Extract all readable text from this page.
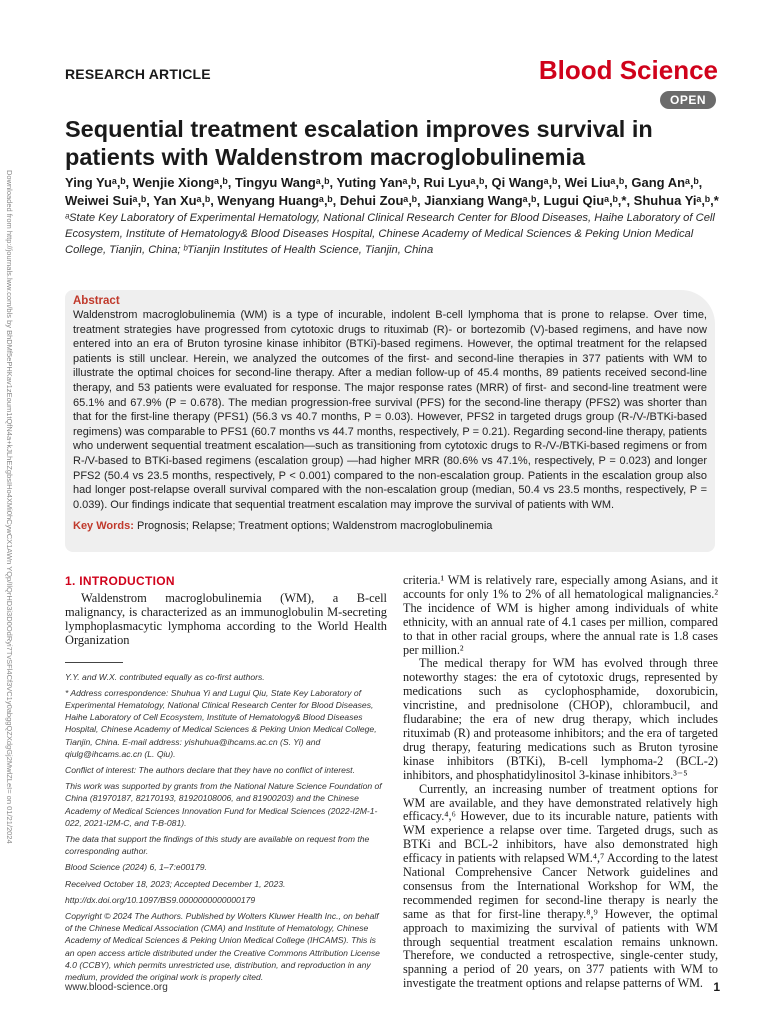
RESEARCH ARTICLE	Blood Science
OPEN
Downloaded from http://journals.lww.com/bls by BhDMf5ePHKav1zEoum1tQfN4a+kJLhEZgbsIHo4XMi0hCywCX1AWn YQp/IlQrHD3i3D0OdRyi7TvSFl4Cf3VC1y0abggQZXdgGj2MwlZLeI= on 01/21/2024
Sequential treatment escalation improves survival in patients with Waldenstrom macroglobulinemia
Ying Yuᵃ,ᵇ, Wenjie Xiongᵃ,ᵇ, Tingyu Wangᵃ,ᵇ, Yuting Yanᵃ,ᵇ, Rui Lyuᵃ,ᵇ, Qi Wangᵃ,ᵇ, Wei Liuᵃ,ᵇ, Gang Anᵃ,ᵇ, Weiwei Suiᵃ,ᵇ, Yan Xuᵃ,ᵇ, Wenyang Huangᵃ,ᵇ, Dehui Zouᵃ,ᵇ, Jianxiang Wangᵃ,ᵇ, Lugui Qiuᵃ,ᵇ,*, Shuhua Yiᵃ,ᵇ,*
ᵃState Key Laboratory of Experimental Hematology, National Clinical Research Center for Blood Diseases, Haihe Laboratory of Cell Ecosystem, Institute of Hematology& Blood Diseases Hospital, Chinese Academy of Medical Sciences & Peking Union Medical College, Tianjin, China; ᵇTianjin Institutes of Health Science, Tianjin, China

Abstract

Waldenstrom macroglobulinemia (WM) is a type of incurable, indolent B-cell lymphoma that is prone to relapse. Over time, treatment strategies have progressed from cytotoxic drugs to rituximab (R)- or bortezomib (V)-based regimens, and have now entered into an era of Bruton tyrosine kinase inhibitor (BTKi)-based regimens. However, the optimal treatment for the relapsed patients is still unclear. Herein, we analyzed the outcomes of the first- and second-line therapies in 377 patients with WM to illustrate the optimal choices for second-line therapy. After a median follow-up of 45.4 months, 89 patients received second-line therapy, and 53 patients were evaluated for response. The major response rates (MRR) of first- and second-line treatment were 65.1% and 67.9% (P = 0.678). The median progression-free survival (PFS) for the second-line therapy (PFS2) was shorter than that for the first-line therapy (PFS1) (56.3 vs 40.7 months, P = 0.03). However, PFS2 in targeted drugs group (R-/V-/BTKi-based regimens) was comparable to PFS1 (60.7 months vs 44.7 months, respectively, P = 0.21). Regarding second-line therapy, patients who underwent sequential treatment escalation—such as transitioning from cytotoxic drugs to R-/V-/BTKi-based regimens or from R-/V-based to BTKi-based regimens (escalation group) —had higher MRR (80.6% vs 47.1%, respectively, P = 0.023) and longer PFS2 (50.4 vs 23.5 months, respectively, P < 0.001) compared to the non-escalation group. Patients in the escalation group also had longer post-relapse overall survival compared with the non-escalation group (median, 50.4 vs 23.5 months, respectively, P = 0.039). Our findings indicate that sequential treatment escalation may improve the survival of patients with WM.

Key Words: Prognosis; Relapse; Treatment options; Waldenstrom macroglobulinemia

1. INTRODUCTION

Waldenstrom macroglobulinemia (WM), a B-cell malignancy, is characterized as an immunoglobulin M-secreting lymphoplasmacytic lymphoma according to the World Health Organization

Y.Y. and W.X. contributed equally as co-first authors.

* Address correspondence: Shuhua Yi and Lugui Qiu, State Key Laboratory of Experimental Hematology, National Clinical Research Center for Blood Diseases, Haihe Laboratory of Cell Ecosystem, Institute of Hematology& Blood Diseases Hospital, Chinese Academy of Medical Sciences & Peking Union Medical College, Tianjin, China. E-mail address: yishuhua@ihcams.ac.cn (S. Yi) and qiulg@ihcams.ac.cn (L. Qiu).

Conflict of interest: The authors declare that they have no conflict of interest.

This work was supported by grants from the National Nature Science Foundation of China (81970187, 82170193, 81920108006, and 81900203) and the Chinese Academy of Medical Sciences Innovation Fund for Medical Sciences (2022-I2M-1-022, 2021-I2M-C, and T-B-081).

The data that support the findings of this study are available on request from the corresponding author.

Blood Science (2024) 6, 1–7:e00179.

Received October 18, 2023; Accepted December 1, 2023.

http://dx.doi.org/10.1097/BS9.0000000000000179

Copyright © 2024 The Authors. Published by Wolters Kluwer Health Inc., on behalf of the Chinese Medical Association (CMA) and Institute of Hematology, Chinese Academy of Medical Sciences & Peking Union Medical College (IHCAMS). This is an open access article distributed under the Creative Commons Attribution License 4.0 (CCBY), which permits unrestricted use, distribution, and reproduction in any medium, provided the original work is properly cited.

criteria.¹ WM is relatively rare, especially among Asians, and it accounts for only 1% to 2% of all hematological malignancies.² The incidence of WM is higher among individuals of white ethnicity, with an annual rate of 4.1 cases per million, compared to that in other racial groups, where the annual rate is 1.8 cases per million.²

The medical therapy for WM has evolved through three noteworthy stages: the era of cytotoxic drugs, represented by medications such as cyclophosphamide, doxorubicin, vincristine, and prednisolone (CHOP), chlorambucil, and fludarabine; the era of new drug therapy, which includes rituximab (R) and proteasome inhibitors; and the era of targeted drug therapy, featuring medications such as Bruton tyrosine kinase inhibitors (BTKi), B-cell lymphoma-2 (BCL-2) inhibitors, and phosphatidylinositol 3-kinase inhibitors.³⁻⁵

Currently, an increasing number of treatment options for WM are available, and they have demonstrated relatively high efficacy.⁴,⁶ However, due to its incurable nature, patients with WM experience a relapse over time. Targeted drugs, such as BTKi and BCL-2 inhibitors, have also demonstrated high efficacy in patients with relapsed WM.⁴,⁷ According to the latest National Comprehensive Cancer Network guidelines and consensus from the International Workshop for WM, the recommended regimen for second-line therapy is nearly the same as that for first-line therapy.⁸,⁹ However, the optimal approach to maximizing the survival of patients with WM through sequential treatment escalation remains unknown. Therefore, we conducted a retrospective, single-center study, spanning a period of 20 years, on 377 patients with WM to investigate the treatment options and relapse patterns of WM.

www.blood-science.org	1
